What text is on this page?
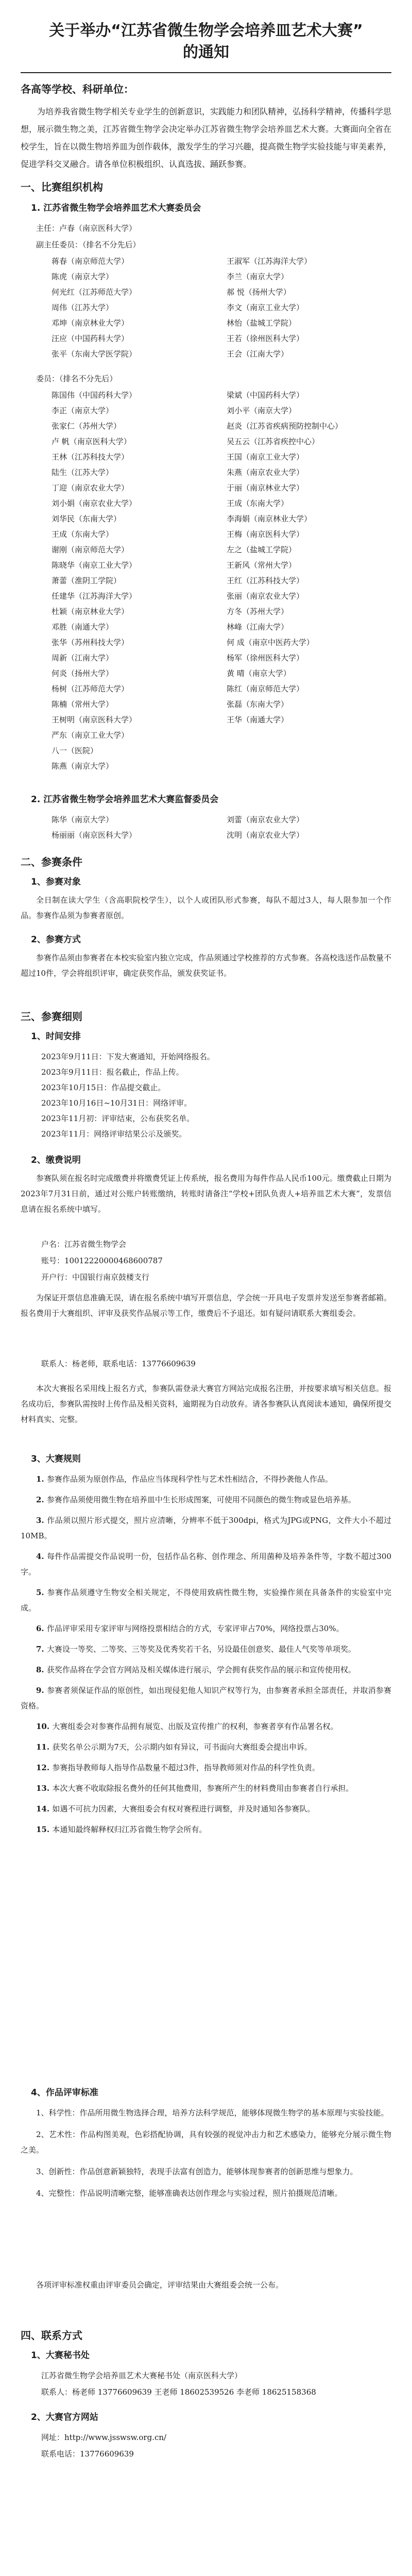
关于举办“江苏省微生物学会培养皿艺术大赛”
的通知
各高等学校、科研单位：
为培养我省微生物学相关专业学生的创新意识，实践能力和团队精神，弘扬科学精神，传播科学思想，展示微生物之美，江苏省微生物学会决定举办江苏省微生物学会培养皿艺术大赛。大赛面向全省在校学生，旨在以微生物培养皿为创作载体，激发学生的学习兴趣，提高微生物学实验技能与审美素养，促进学科交叉融合。请各单位积极组织、认真选拔、踊跃参赛。
一、比赛组织机构
1. 江苏省微生物学会培养皿艺术大赛委员会
主任：卢春（南京医科大学）
副主任委员：（排名不分先后）
蒋春（南京师范大学）
陈虎（南京大学）
何光红（江苏师范大学）
周伟（江苏大学）
邓坤（南京林业大学）
汪应（中国药科大学）
张平（东南大学医学院）
王淑军（江苏海洋大学）
李兰（南京大学）
郝 悦（扬州大学）
李文（南京工业大学）
林怡（盐城工学院）
王若（徐州医科大学）
王会（江南大学）
委员：（排名不分先后）
陈国伟（中国药科大学）
李正（南京大学）
张家仁（苏州大学）
卢 帆（南京医科大学）
王林（江苏科技大学）
陆生（江苏大学）
丁迎（南京农业大学）
刘小娟（南京农业大学）
刘华民（东南大学）
王成（东南大学）
谢刚（南京师范大学）
陈晓华（南京工业大学）
萧蕾（淮阴工学院）
任建华（江苏海洋大学）
杜颖（南京林业大学）
邓胜（南通大学）
张华（苏州科技大学）
周新（江南大学）
何炎（扬州大学）
杨树（江苏师范大学）
陈楠（常州大学）
王树明（南京医科大学）
严东（南京工业大学）
八一（医院）
陈燕（南京大学）
梁斌（中国药科大学）
刘小平（南京大学）
赵炎（江苏省疾病预防控制中心）
吴五云（江苏省疾控中心）
王国（南京工业大学）
朱燕（南京农业大学）
于丽（南京林业大学）
王成（东南大学）
李海娟（南京林业大学）
王梅（南京医科大学）
左之（盐城工学院）
王新风（常州大学）
王红（江苏科技大学）
张丽（南京农业大学）
方冬（苏州大学）
林峰（江南大学）
何 成（南京中医药大学）
杨军（徐州医科大学）
黄 晴（南京大学）
陈红（南京师范大学）
张磊（东南大学）
王华（南通大学）
2. 江苏省微生物学会培养皿艺术大赛监督委员会
陈华（南京大学）
杨丽丽（南京医科大学）
刘蕾（南京农业大学）
沈明（南京农业大学）
二、参赛条件
1、参赛对象
全日制在读大学生（含高职院校学生），以个人或团队形式参赛，每队不超过3人，每人限参加一个作品。参赛作品须为参赛者原创。
2、参赛方式
参赛作品须由参赛者在本校实验室内独立完成，作品须通过学校推荐的方式参赛。各高校选送作品数量不超过10件，学会将组织评审，确定获奖作品，颁发获奖证书。
三、参赛细则
1、时间安排
2023年9月11日：下发大赛通知，开始网络报名。
2023年9月11日：报名截止，作品上传。
2023年10月15日：作品提交截止。
2023年10月16日~10月31日：网络评审。
2023年11月初：评审结束，公布获奖名单。
2023年11月：网络评审结果公示及颁奖。
2、缴费说明
参赛队须在报名时完成缴费并将缴费凭证上传系统，报名费用为每件作品人民币100元。缴费截止日期为2023年7月31日前，通过对公账户转账缴纳，转账时请备注“学校+团队负责人+培养皿艺术大赛”，发票信息请在报名系统中填写。
户名：江苏省微生物学会
账号：10012220000468600787
开户行：中国银行南京鼓楼支行
为保证开票信息准确无误，请在报名系统中填写开票信息，学会统一开具电子发票并发送至参赛者邮箱。报名费用于大赛组织、评审及获奖作品展示等工作，缴费后不予退还。如有疑问请联系大赛组委会。
联系人：杨老师，联系电话：13776609639
本次大赛报名采用线上报名方式，参赛队需登录大赛官方网站完成报名注册，并按要求填写相关信息。报名成功后，参赛队需按时上传作品及相关资料，逾期视为自动放弃。请各参赛队认真阅读本通知，确保所提交材料真实、完整。
3、大赛规则
1. 参赛作品须为原创作品，作品应当体现科学性与艺术性相结合，不得抄袭他人作品。
2. 参赛作品须使用微生物在培养皿中生长形成图案，可使用不同颜色的微生物或显色培养基。
3. 作品须以照片形式提交，照片应清晰，分辨率不低于300dpi，格式为JPG或PNG，文件大小不超过10MB。
4. 每件作品需提交作品说明一份，包括作品名称、创作理念、所用菌种及培养条件等，字数不超过300字。
5. 参赛作品须遵守生物安全相关规定，不得使用致病性微生物，实验操作须在具备条件的实验室中完成。
6. 作品评审采用专家评审与网络投票相结合的方式，专家评审占70%，网络投票占30%。
7. 大赛设一等奖、二等奖、三等奖及优秀奖若干名，另设最佳创意奖、最佳人气奖等单项奖。
8. 获奖作品将在学会官方网站及相关媒体进行展示，学会拥有获奖作品的展示和宣传使用权。
9. 参赛者须保证作品的原创性，如出现侵犯他人知识产权等行为，由参赛者承担全部责任，并取消参赛资格。
10. 大赛组委会对参赛作品拥有展览、出版及宣传推广的权利，参赛者享有作品署名权。
11. 获奖名单公示期为7天，公示期内如有异议，可书面向大赛组委会提出申诉。
12. 参赛指导教师每人指导作品数量不超过3件，指导教师须对作品的科学性负责。
13. 本次大赛不收取除报名费外的任何其他费用，参赛所产生的材料费用由参赛者自行承担。
14. 如遇不可抗力因素，大赛组委会有权对赛程进行调整，并及时通知各参赛队。
15. 本通知最终解释权归江苏省微生物学会所有。
4、作品评审标准
1、科学性：作品所用微生物选择合理，培养方法科学规范，能够体现微生物学的基本原理与实验技能。
2、艺术性：作品构图美观，色彩搭配协调，具有较强的视觉冲击力和艺术感染力，能够充分展示微生物之美。
3、创新性：作品创意新颖独特，表现手法富有创造力，能够体现参赛者的创新思维与想象力。
4、完整性：作品说明清晰完整，能够准确表达创作理念与实验过程，照片拍摄规范清晰。
各项评审标准权重由评审委员会确定，评审结果由大赛组委会统一公布。
四、联系方式
1、大赛秘书处
江苏省微生物学会培养皿艺术大赛秘书处（南京医科大学）
联系人：杨老师 13776609639 王老师 18602539526 李老师 18625158368
2、大赛官方网站
网址：http://www.jsswsw.org.cn/
联系电话：13776609639
